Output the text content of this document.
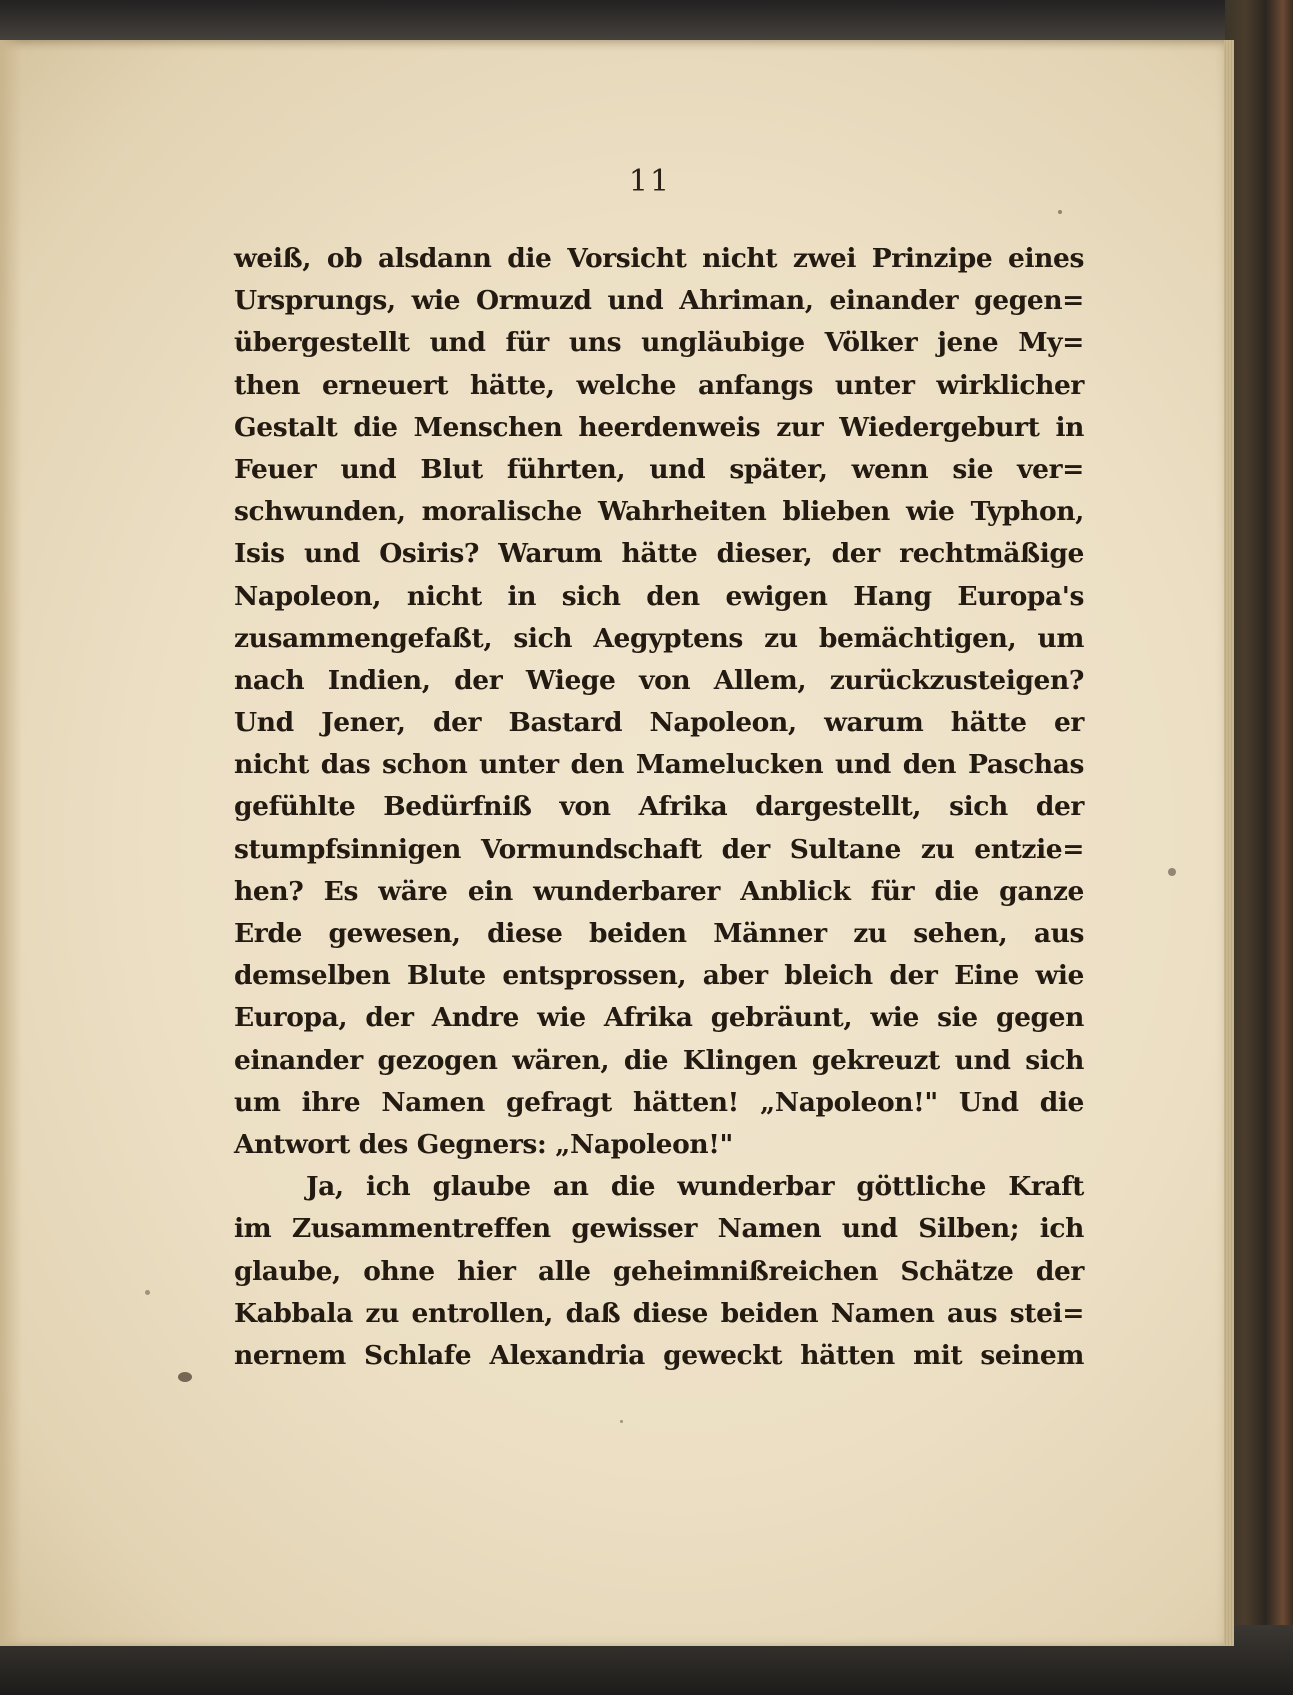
11
weiß, ob alsdann die Vorsicht nicht zwei Prinzipe eines
Ursprungs, wie Ormuzd und Ahriman, einander gegen=
übergestellt und für uns ungläubige Völker jene My=
then erneuert hätte, welche anfangs unter wirklicher
Gestalt die Menschen heerdenweis zur Wiedergeburt in
Feuer und Blut führten, und später, wenn sie ver=
schwunden, moralische Wahrheiten blieben wie Typhon,
Isis und Osiris? Warum hätte dieser, der rechtmäßige
Napoleon, nicht in sich den ewigen Hang Europa's
zusammengefaßt, sich Aegyptens zu bemächtigen, um
nach Indien, der Wiege von Allem, zurückzusteigen?
Und Jener, der Bastard Napoleon, warum hätte er
nicht das schon unter den Mamelucken und den Paschas
gefühlte Bedürfniß von Afrika dargestellt, sich der
stumpfsinnigen Vormundschaft der Sultane zu entzie=
hen? Es wäre ein wunderbarer Anblick für die ganze
Erde gewesen, diese beiden Männer zu sehen, aus
demselben Blute entsprossen, aber bleich der Eine wie
Europa, der Andre wie Afrika gebräunt, wie sie gegen
einander gezogen wären, die Klingen gekreuzt und sich
um ihre Namen gefragt hätten! „Napoleon!" Und die
Antwort des Gegners: „Napoleon!"
Ja, ich glaube an die wunderbar göttliche Kraft
im Zusammentreffen gewisser Namen und Silben; ich
glaube, ohne hier alle geheimnißreichen Schätze der
Kabbala zu entrollen, daß diese beiden Namen aus stei=
nernem Schlafe Alexandria geweckt hätten mit seinem
